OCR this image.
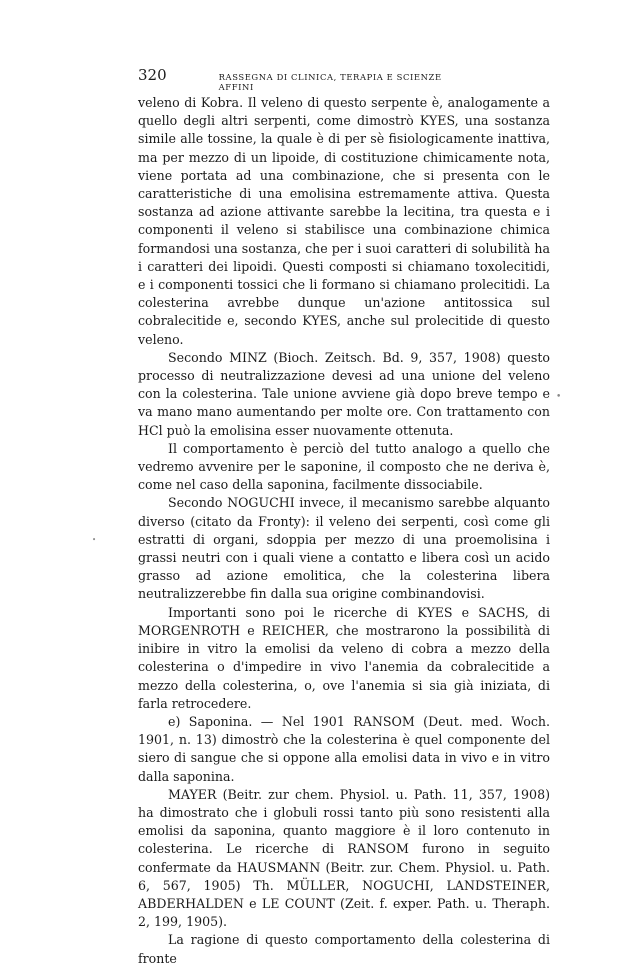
320	RASSEGNA DI CLINICA, TERAPIA E SCIENZE AFFINI

veleno di Kobra. Il veleno di questo serpente è, analogamente a quello degli altri serpenti, come dimostrò KYES, una sostanza simile alle tossine, la quale è di per sè fisiologicamente inattiva, ma per mezzo di un lipoide, di costituzione chimicamente nota, viene portata ad una combinazione, che si presenta con le caratteristiche di una emolisina estremamente attiva. Questa sostanza ad azione attivante sarebbe la lecitina, tra questa e i componenti il veleno si stabilisce una combinazione chimica formandosi una sostanza, che per i suoi caratteri di solubilità ha i caratteri dei lipoidi. Questi composti si chiamano toxolecitidi, e i componenti tossici che li formano si chiamano prolecitidi. La colesterina avrebbe dunque un'azione antitossica sul cobralecitide e, secondo KYES, anche sul prolecitide di questo veleno.

Secondo MINZ (Bioch. Zeitsch. Bd. 9, 357, 1908) questo processo di neutralizzazione devesi ad una unione del veleno con la colesterina. Tale unione avviene già dopo breve tempo e va mano mano aumentando per molte ore. Con trattamento con HCl può la emolisina esser nuovamente ottenuta.

Il comportamento è perciò del tutto analogo a quello che vedremo avvenire per le saponine, il composto che ne deriva è, come nel caso della saponina, facilmente dissociabile.

Secondo NOGUCHI invece, il mecanismo sarebbe alquanto diverso (citato da Fronty): il veleno dei serpenti, così come gli estratti di organi, sdoppia per mezzo di una proemolisina i grassi neutri con i quali viene a contatto e libera così un acido grasso ad azione emolitica, che la colesterina libera neutralizzerebbe fin dalla sua origine combinandovisi.

Importanti sono poi le ricerche di KYES e SACHS, di MORGENROTH e REICHER, che mostrarono la possibilità di inibire in vitro la emolisi da veleno di cobra a mezzo della colesterina o d'impedire in vivo l'anemia da cobralecitide a mezzo della colesterina, o, ove l'anemia si sia già iniziata, di farla retrocedere.

e) Saponina. — Nel 1901 RANSOM (Deut. med. Woch. 1901, n. 13) dimostrò che la colesterina è quel componente del siero di sangue che si oppone alla emolisi data in vivo e in vitro dalla saponina.

MAYER (Beitr. zur chem. Physiol. u. Path. 11, 357, 1908) ha dimostrato che i globuli rossi tanto più sono resistenti alla emolisi da saponina, quanto maggiore è il loro contenuto in colesterina. Le ricerche di RANSOM furono in seguito confermate da HAUSMANN (Beitr. zur. Chem. Physiol. u. Path. 6, 567, 1905) Th. MÜLLER, NOGUCHI, LANDSTEINER, ABDERHALDEN e LE COUNT (Zeit. f. exper. Path. u. Theraph. 2, 199, 1905).

La ragione di questo comportamento della colesterina di fronte

•
•
